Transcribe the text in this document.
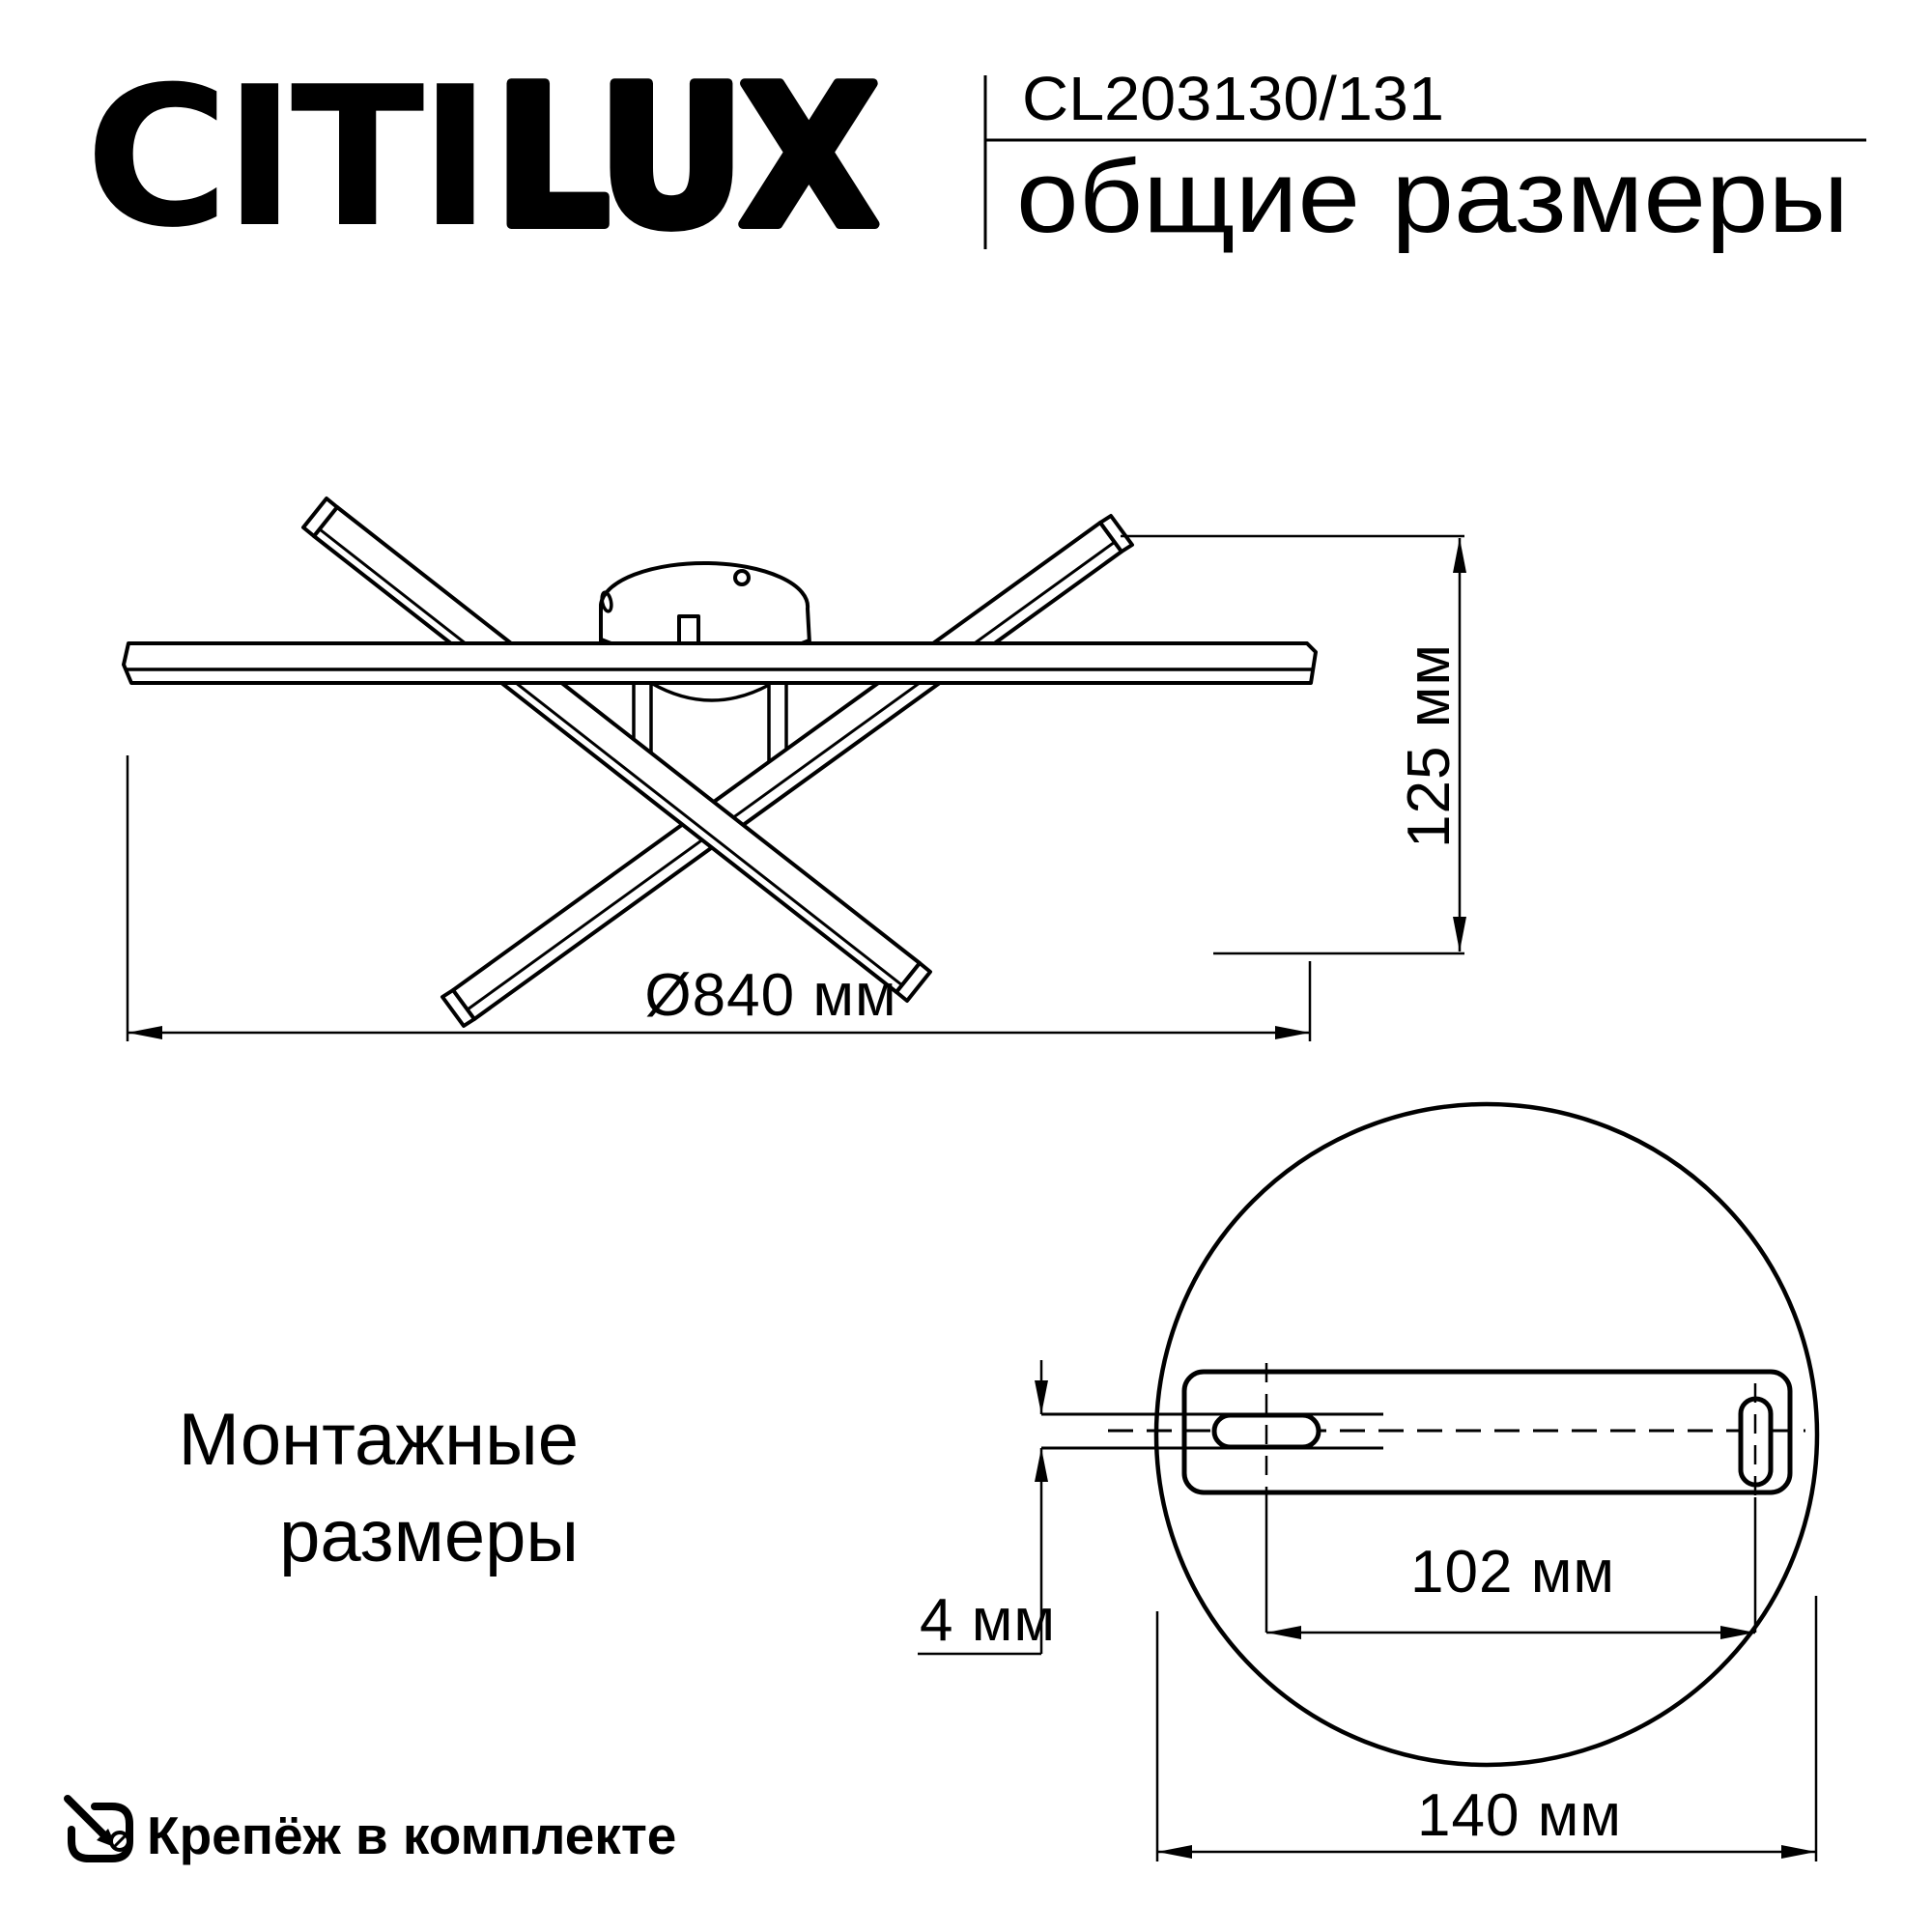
CITI LUX CL203130/131
общие размеры
Ø840 мм
125 мм
102 мм
4 мм
140 мм
Монтажные
размеры
Крепёж в комплекте
